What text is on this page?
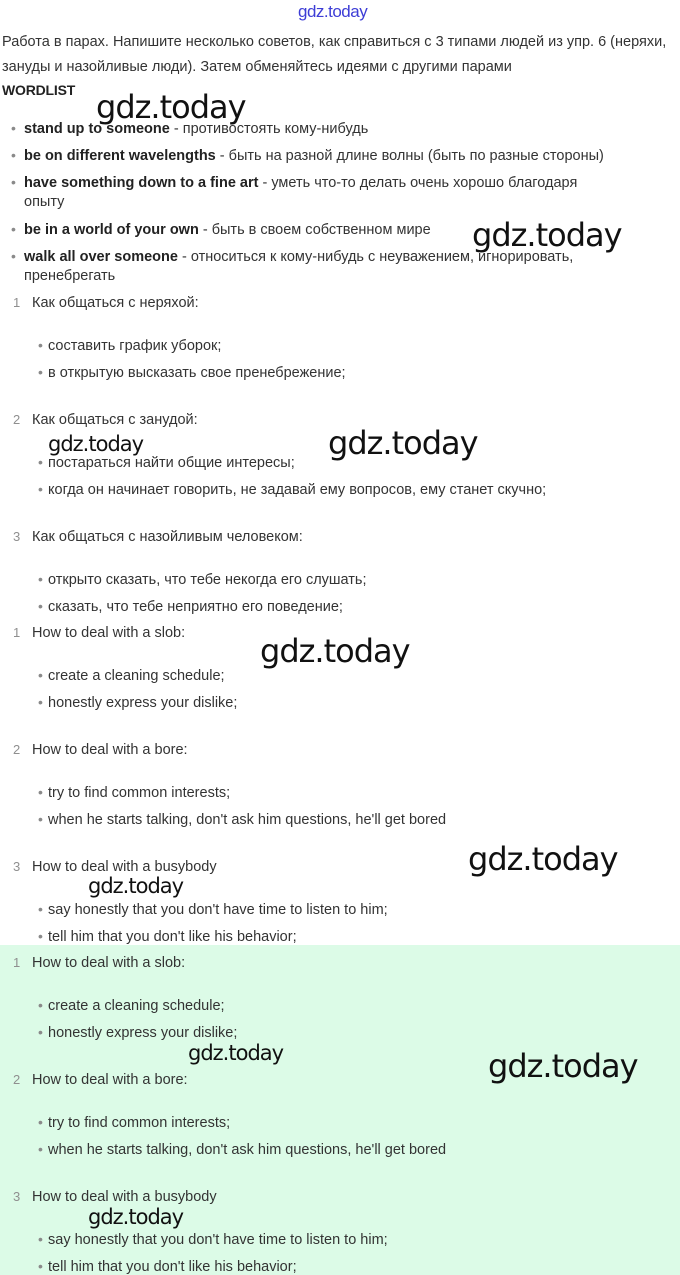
gdz.today
Работа в парах. Напишите несколько советов, как справиться с 3 типами людей из упр. 6 (неряхи, зануды и назойливые люди). Затем обменяйтесь идеями с другими парами
WORDLIST
• stand up to someone - противостоять кому-нибудь
• be on different wavelengths - быть на разной длине волны (быть по разные стороны)
• have something down to a fine art - уметь что-то делать очень хорошо благодаря
опыту
• be in a world of your own - быть в своем собственном мире
• walk all over someone - относиться к кому-нибудь с неуважением, игнорировать,
пренебрегать
1 Как общаться с неряхой:
• составить график уборок;
• в открытую высказать свое пренебрежение;
2 Как общаться с занудой:
• постараться найти общие интересы;
• когда он начинает говорить, не задавай ему вопросов, ему станет скучно;
3 Как общаться с назойливым человеком:
• открыто сказать, что тебе некогда его слушать;
• сказать, что тебе неприятно его поведение;
1 How to deal with a slob:
• create a cleaning schedule;
• honestly express your dislike;
2 How to deal with a bore:
• try to find common interests;
• when he starts talking, don't ask him questions, he'll get bored
3 How to deal with a busybody
• say honestly that you don't have time to listen to him;
• tell him that you don't like his behavior;
1 How to deal with a slob:
• create a cleaning schedule;
• honestly express your dislike;
2 How to deal with a bore:
• try to find common interests;
• when he starts talking, don't ask him questions, he'll get bored
3 How to deal with a busybody
• say honestly that you don't have time to listen to him;
• tell him that you don't like his behavior;
gdz.today
gdz.today
gdz.today	gdz.today
gdz.today
gdz.today
gdz.today
gdz.today	gdz.today
gdz.today
